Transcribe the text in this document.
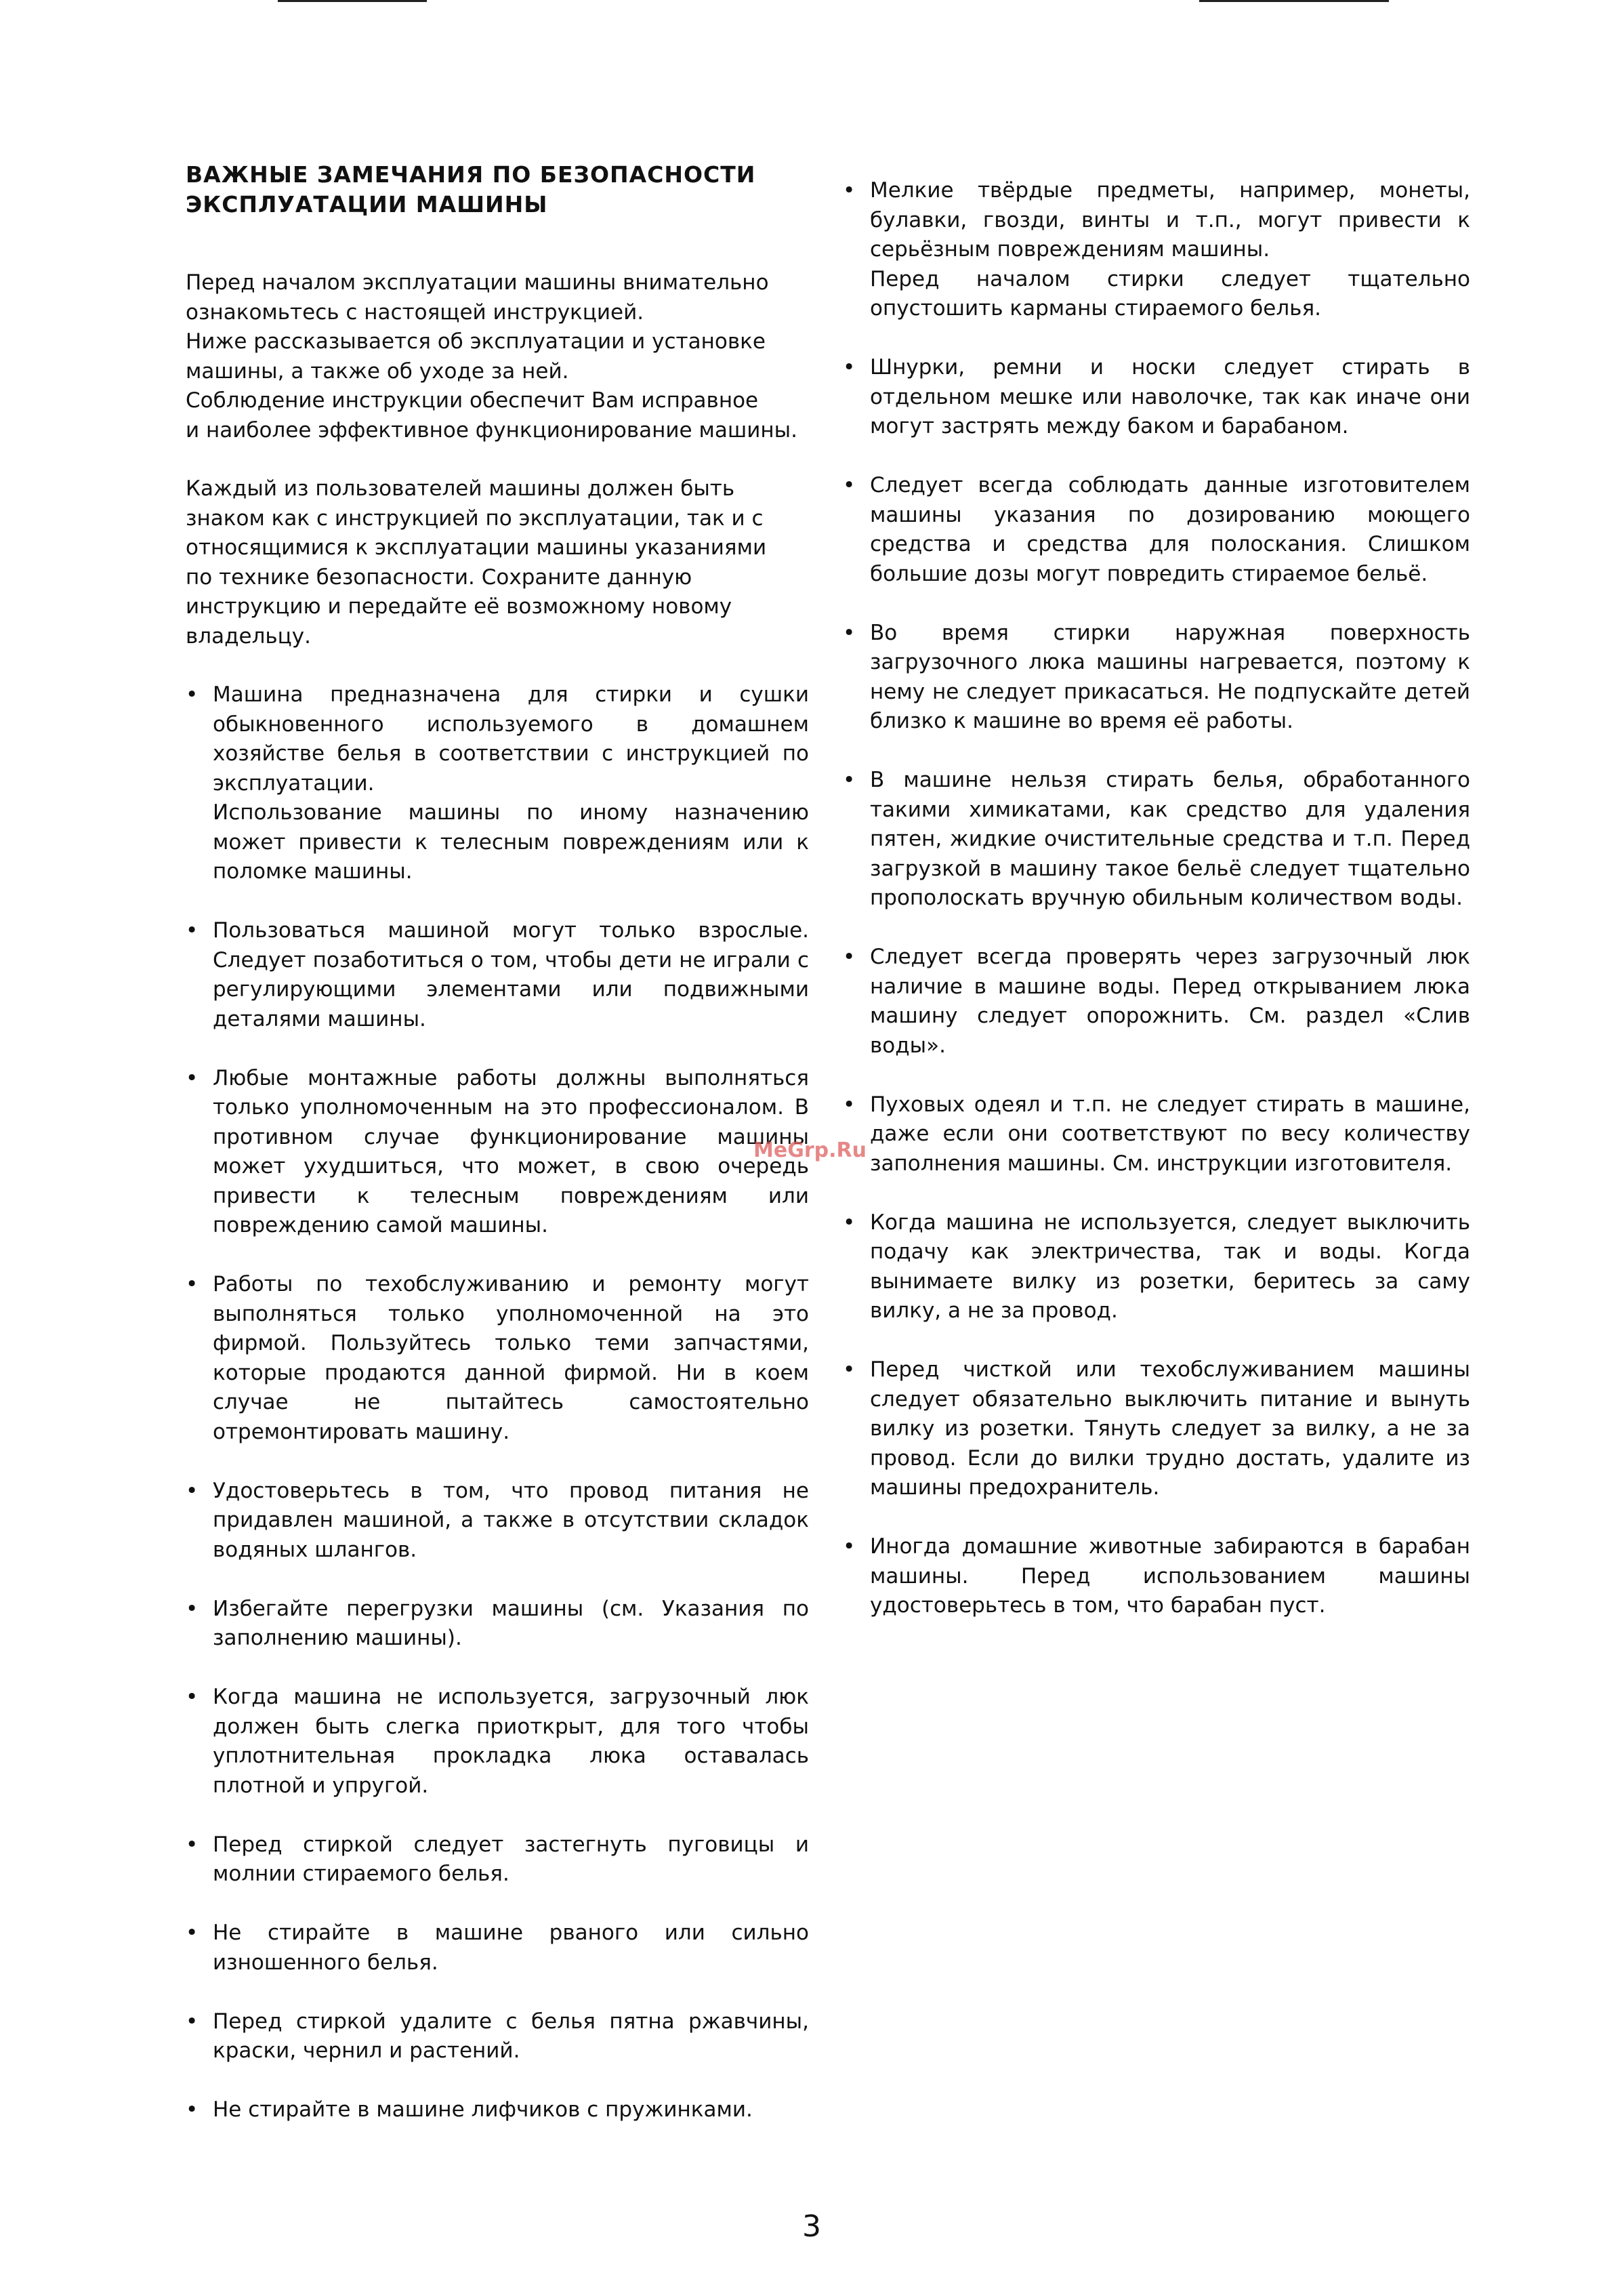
ВАЖНЫЕ ЗАМЕЧАНИЯ ПО БЕЗОПАСНОСТИ
ЭКСПЛУАТАЦИИ МАШИНЫ

Перед началом эксплуатации машины внимательно

ознакомьтесь с настоящей инструкцией.

Ниже рассказывается об эксплуатации и установке

машины, а также об уходе за ней.

Соблюдение инструкции обеспечит Вам исправное

и наиболее эффективное функционирование машины.

Каждый из пользователей машины должен быть

знаком как с инструкцией по эксплуатации, так и с

относящимися к эксплуатации машины указаниями

по технике безопасности. Сохраните данную

инструкцию и передайте её возможному новому

владельцу.

• Машина предназначена для стирки и сушки обыкновенного используемого в домашнем хозяйстве белья в соответствии с инструкцией по эксплуатации.

Использование машины по иному назначению может привести к телесным повреждениям или к поломке машины.

• Пользоваться машиной могут только взрослые. Следует позаботиться о том, чтобы дети не играли с регулирующими элементами или подвижными деталями машины.

• Любые монтажные работы должны выполняться только уполномоченным на это профессионалом. В противном случае функционирование машины может ухудшиться, что может, в свою очередь привести к телесным повреждениям или повреждению самой машины.

• Работы по техобслуживанию и ремонту могут выполняться только уполномоченной на это фирмой. Пользуйтесь только теми запчастями, которые продаются данной фирмой. Ни в коем случае не пытайтесь самостоятельно отремонтировать машину.

• Удостоверьтесь в том, что провод питания не придавлен машиной, а также в отсутствии складок водяных шлангов.

• Избегайте перегрузки машины (см. Указания по заполнению машины).

• Когда машина не используется, загрузочный люк должен быть слегка приоткрыт, для того чтобы уплотнительная прокладка люка оставалась плотной и упругой.

• Перед стиркой следует застегнуть пуговицы и молнии стираемого белья.

• Не стирайте в машине рваного или сильно изношенного белья.

• Перед стиркой удалите с белья пятна ржавчины, краски, чернил и растений.

• Не стирайте в машине лифчиков с пружинками.

• Мелкие твёрдые предметы, например, монеты, булавки, гвозди, винты и т.п., могут привести к серьёзным повреждениям машины.

Перед началом стирки следует тщательно опустошить карманы стираемого белья.

• Шнурки, ремни и носки следует стирать в отдельном мешке или наволочке, так как иначе они могут застрять между баком и барабаном.

• Следует всегда соблюдать данные изготовителем машины указания по дозированию моющего средства и средства для полоскания. Слишком большие дозы могут повредить стираемое бельё.

• Во время стирки наружная поверхность загрузочного люка машины нагревается, поэтому к нему не следует прикасаться. Не подпускайте детей близко к машине во время её работы.

• В машине нельзя стирать белья, обработанного такими химикатами, как средство для удаления пятен, жидкие очистительные средства и т.п. Перед загрузкой в машину такое бельё следует тщательно прополоскать вручную обильным количеством воды.

• Следует всегда проверять через загрузочный люк наличие в машине воды. Перед открыванием люка машину следует опорожнить. См. раздел «Слив воды».

• Пуховых одеял и т.п. не следует стирать в машине, даже если они соответствуют по весу количеству заполнения машины. См. инструкции изготовителя.

• Когда машина не используется, следует выключить подачу как электричества, так и воды. Когда вынимаете вилку из розетки, беритесь за саму вилку, а не за провод.

• Перед чисткой или техобслуживанием машины следует обязательно выключить питание и вынуть вилку из розетки. Тянуть следует за вилку, а не за провод. Если до вилки трудно достать, удалите из машины предохранитель.

• Иногда домашние животные забираются в барабан машины. Перед использованием машины удостоверьтесь в том, что барабан пуст.

MeGrp.Ru
3
